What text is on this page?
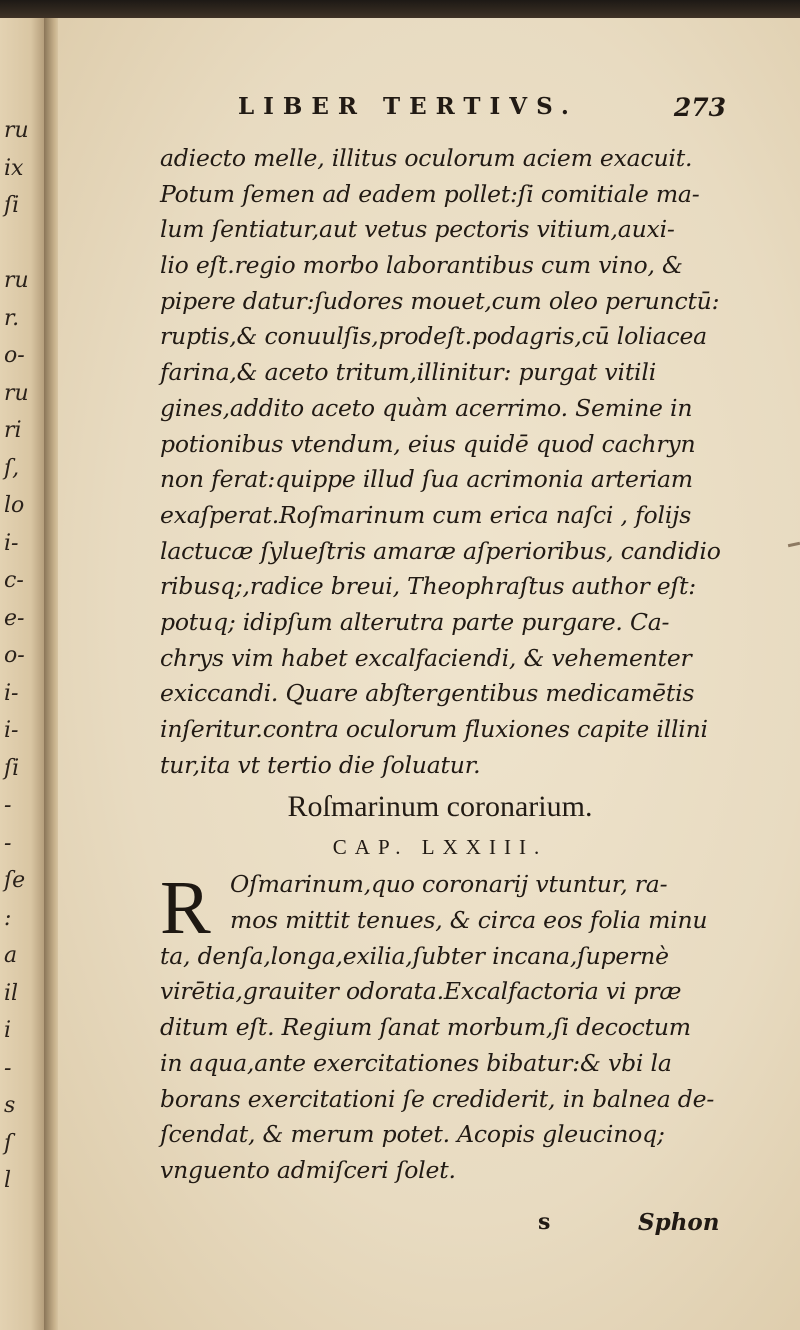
ru
ix
ſi
ru
r.
o-
ru
ri
ſ,
lo
i-
c-
e-
o-
i-
i-
ſi
-
-
ſe
:
a
il
i
-
s
ſ
l
LIBER TERTIVS.	273
adiecto melle, illitus oculorum aciem exacuit.
Potum ſemen ad eadem pollet:ſi comitiale ma-
lum ſentiatur,aut vetus pectoris vitium,auxi-
lio eſt.regio morbo laborantibus cum vino, &
pipere datur:ſudores mouet,cum oleo perunctū:
ruptis,& conuulſis,prodeſt.podagris,cū loliacea
farina,& aceto tritum,illinitur: purgat vitili
gines,addito aceto quàm acerrimo. Semine in
potionibus vtendum, eius quidē quod cachryn
non ferat:quippe illud ſua acrimonia arteriam
exaſperat.Roſmarinum cum erica naſci , folijs
lactucæ ſylueſtris amaræ aſperioribus, candidio
ribusq;,radice breui, Theophraſtus author eſt:
potuq; idipſum alterutra parte purgare. Ca-
chrys vim habet excalfaciendi, & vehementer
exiccandi. Quare abſtergentibus medicamētis
inſeritur.contra oculorum fluxiones capite illini
tur,ita vt tertio die ſoluatur.
Roſmarinum coronarium.
CAP. LXXIII.
R Oſmarinum,quo coronarij vtuntur, ra-
mos mittit tenues, & circa eos folia minu
ta, denſa,longa,exilia,ſubter incana,ſupernè
virētia,grauiter odorata.Excalfactoria vi præ
ditum eſt. Regium ſanat morbum,ſi decoctum
in aqua,ante exercitationes bibatur:& vbi la
borans exercitationi ſe crediderit, in balnea de-
ſcendat, & merum potet. Acopis gleucinoq;
vnguento admiſceri ſolet.
s	Sphon
